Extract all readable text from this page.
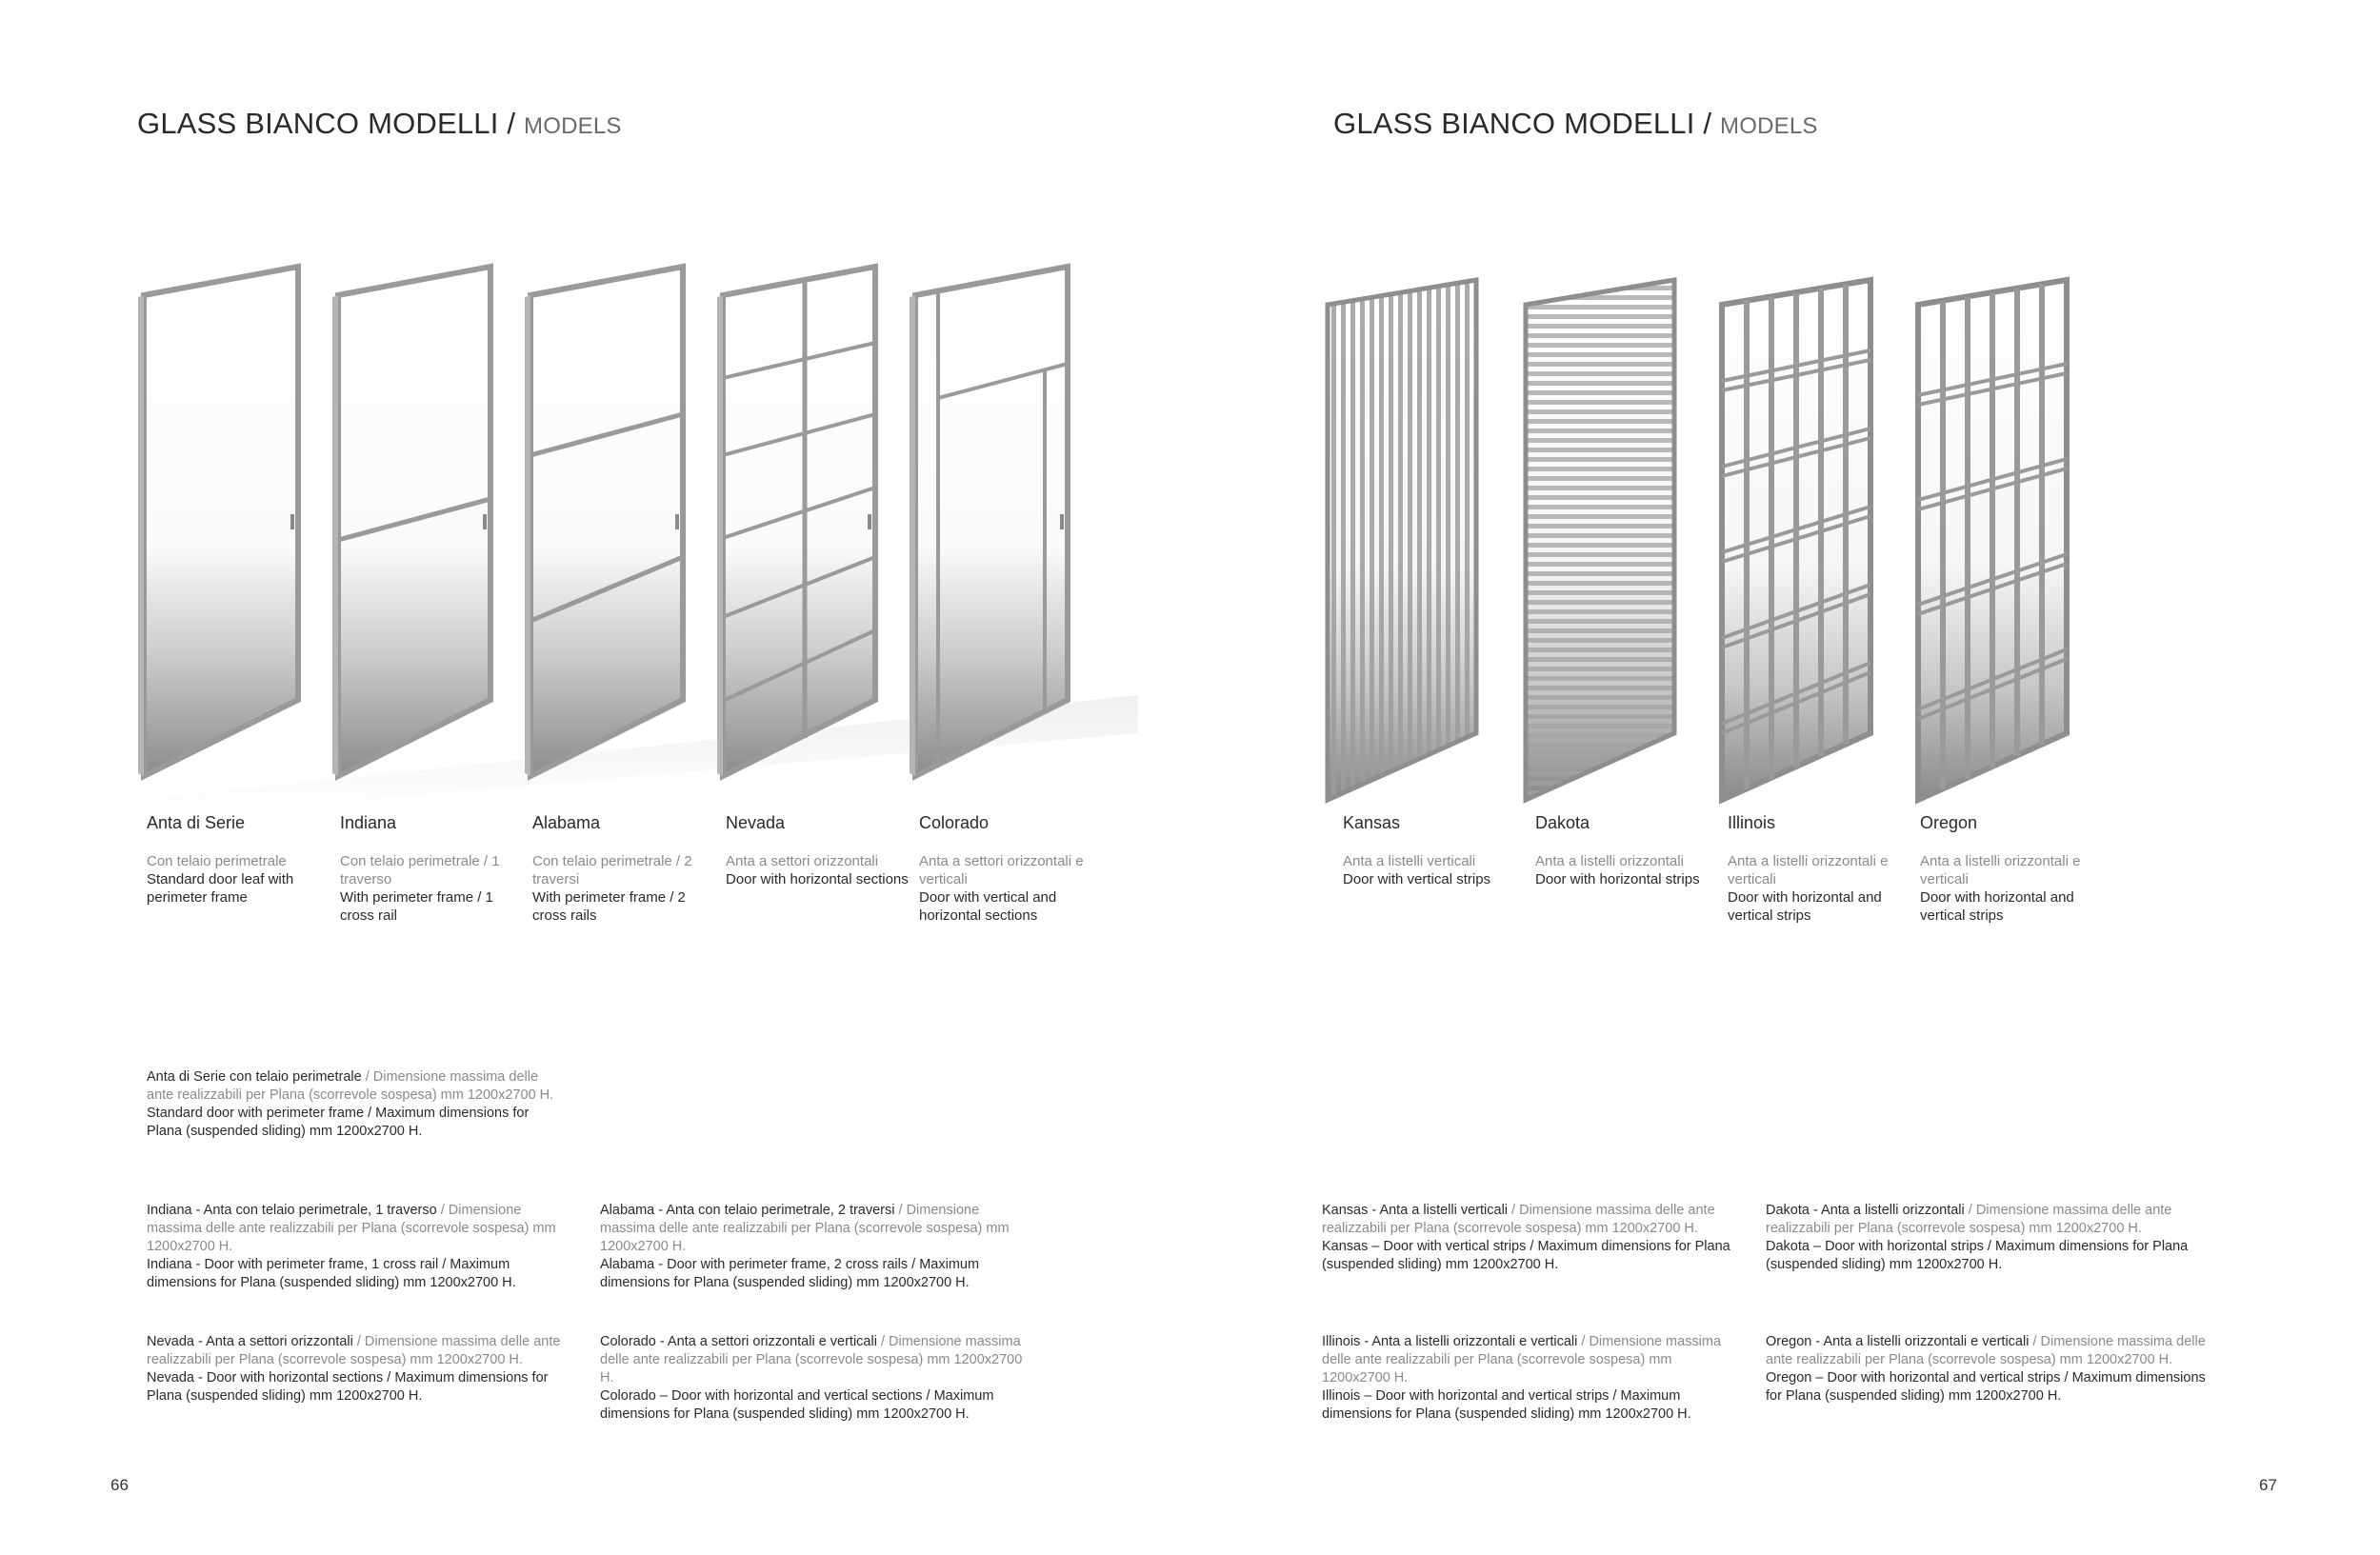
GLASS BIANCO MODELLI / MODELS

Anta di Serie

Con telaio perimetrale

Standard door leaf with perimeter frame

Indiana

Con telaio perimetrale / 1 traverso

With perimeter frame / 1 cross rail

Alabama

Con telaio perimetrale / 2 traversi

With perimeter frame / 2 cross rails

Nevada

Anta a settori orizzontali

Door with horizontal sections

Colorado

Anta a settori orizzontali e verticali

Door with vertical and horizontal sections

Anta di Serie con telaio perimetrale / Dimensione massima delle ante realizzabili per Plana (scorrevole sospesa) mm 1200x2700 H.

Standard door with perimeter frame / Maximum dimensions for Plana (suspended sliding) mm 1200x2700 H.

Indiana - Anta con telaio perimetrale, 1 traverso / Dimensione massima delle ante realizzabili per Plana (scorrevole sospesa) mm 1200x2700 H.

Indiana - Door with perimeter frame, 1 cross rail / Maximum dimensions for Plana (suspended sliding) mm 1200x2700 H.

Alabama - Anta con telaio perimetrale, 2 traversi / Dimensione massima delle ante realizzabili per Plana (scorrevole sospesa) mm 1200x2700 H.

Alabama - Door with perimeter frame, 2 cross rails / Maximum dimensions for Plana (suspended sliding) mm 1200x2700 H.

Nevada - Anta a settori orizzontali / Dimensione massima delle ante realizzabili per Plana (scorrevole sospesa) mm 1200x2700 H.

Nevada - Door with horizontal sections / Maximum dimensions for Plana (suspended sliding) mm 1200x2700 H.

Colorado - Anta a settori orizzontali e verticali / Dimensione massima delle ante realizzabili per Plana (scorrevole sospesa) mm 1200x2700 H.

Colorado – Door with horizontal and vertical sections / Maximum dimensions for Plana (suspended sliding) mm 1200x2700 H.

66
GLASS BIANCO MODELLI / MODELS

Kansas

Anta a listelli verticali

Door with vertical strips

Dakota

Anta a listelli orizzontali

Door with horizontal strips

Illinois

Anta a listelli orizzontali e verticali

Door with horizontal and vertical strips

Oregon

Anta a listelli orizzontali e verticali

Door with horizontal and vertical strips

Kansas - Anta a listelli verticali / Dimensione massima delle ante realizzabili per Plana (scorrevole sospesa) mm 1200x2700 H.

Kansas – Door with vertical strips / Maximum dimensions for Plana (suspended sliding) mm 1200x2700 H.

Dakota - Anta a listelli orizzontali / Dimensione massima delle ante realizzabili per Plana (scorrevole sospesa) mm 1200x2700 H.

Dakota – Door with horizontal strips / Maximum dimensions for Plana (suspended sliding) mm 1200x2700 H.

Illinois - Anta a listelli orizzontali e verticali / Dimensione massima delle ante realizzabili per Plana (scorrevole sospesa) mm 1200x2700 H.

Illinois – Door with horizontal and vertical strips / Maximum dimensions for Plana (suspended sliding) mm 1200x2700 H.

Oregon - Anta a listelli orizzontali e verticali / Dimensione massima delle ante realizzabili per Plana (scorrevole sospesa) mm 1200x2700 H.

Oregon – Door with horizontal and vertical strips / Maximum dimensions for Plana (suspended sliding) mm 1200x2700 H.

67
